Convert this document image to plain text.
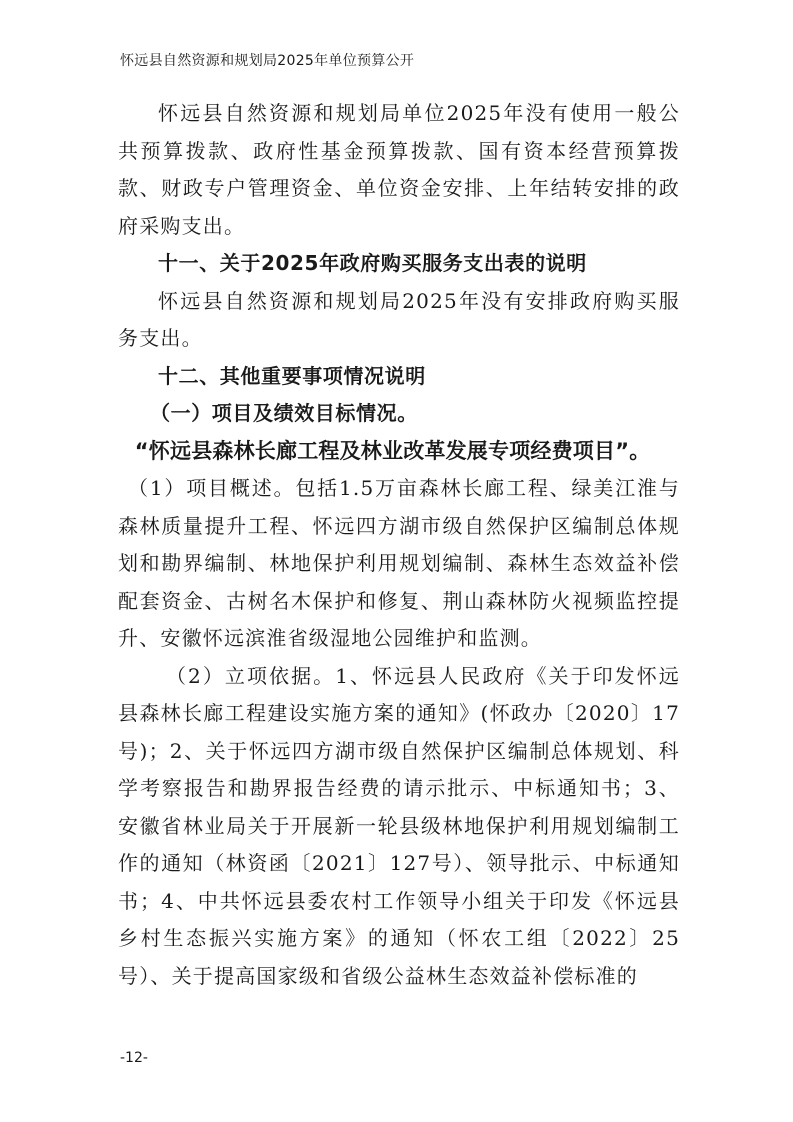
怀远县自然资源和规划局2025年单位预算公开

怀远县自然资源和规划局单位2025年没有使用一般公共预算拨款、政府性基金预算拨款、国有资本经营预算拨款、财政专户管理资金、单位资金安排、上年结转安排的政府采购支出。

十一、关于2025年政府购买服务支出表的说明

怀远县自然资源和规划局2025年没有安排政府购买服务支出。

十二、其他重要事项情况说明

（一）项目及绩效目标情况。

“怀远县森林长廊工程及林业改革发展专项经费项目”。

（1）项目概述。包括1.5万亩森林长廊工程、绿美江淮与森林质量提升工程、怀远四方湖市级自然保护区编制总体规划和勘界编制、林地保护利用规划编制、森林生态效益补偿配套资金、古树名木保护和修复、荆山森林防火视频监控提升、安徽怀远滨淮省级湿地公园维护和监测。

（2）立项依据。1、怀远县人民政府《关于印发怀远县森林长廊工程建设实施方案的通知》(怀政办〔2020〕17号)；2、关于怀远四方湖市级自然保护区编制总体规划、科学考察报告和勘界报告经费的请示批示、中标通知书；3、安徽省林业局关于开展新一轮县级林地保护利用规划编制工作的通知（林资函〔2021〕127号）、领导批示、中标通知书；4、中共怀远县委农村工作领导小组关于印发《怀远县乡村生态振兴实施方案》的通知（怀农工组〔2022〕25号）、关于提高国家级和省级公益林生态效益补偿标准的

-12-
